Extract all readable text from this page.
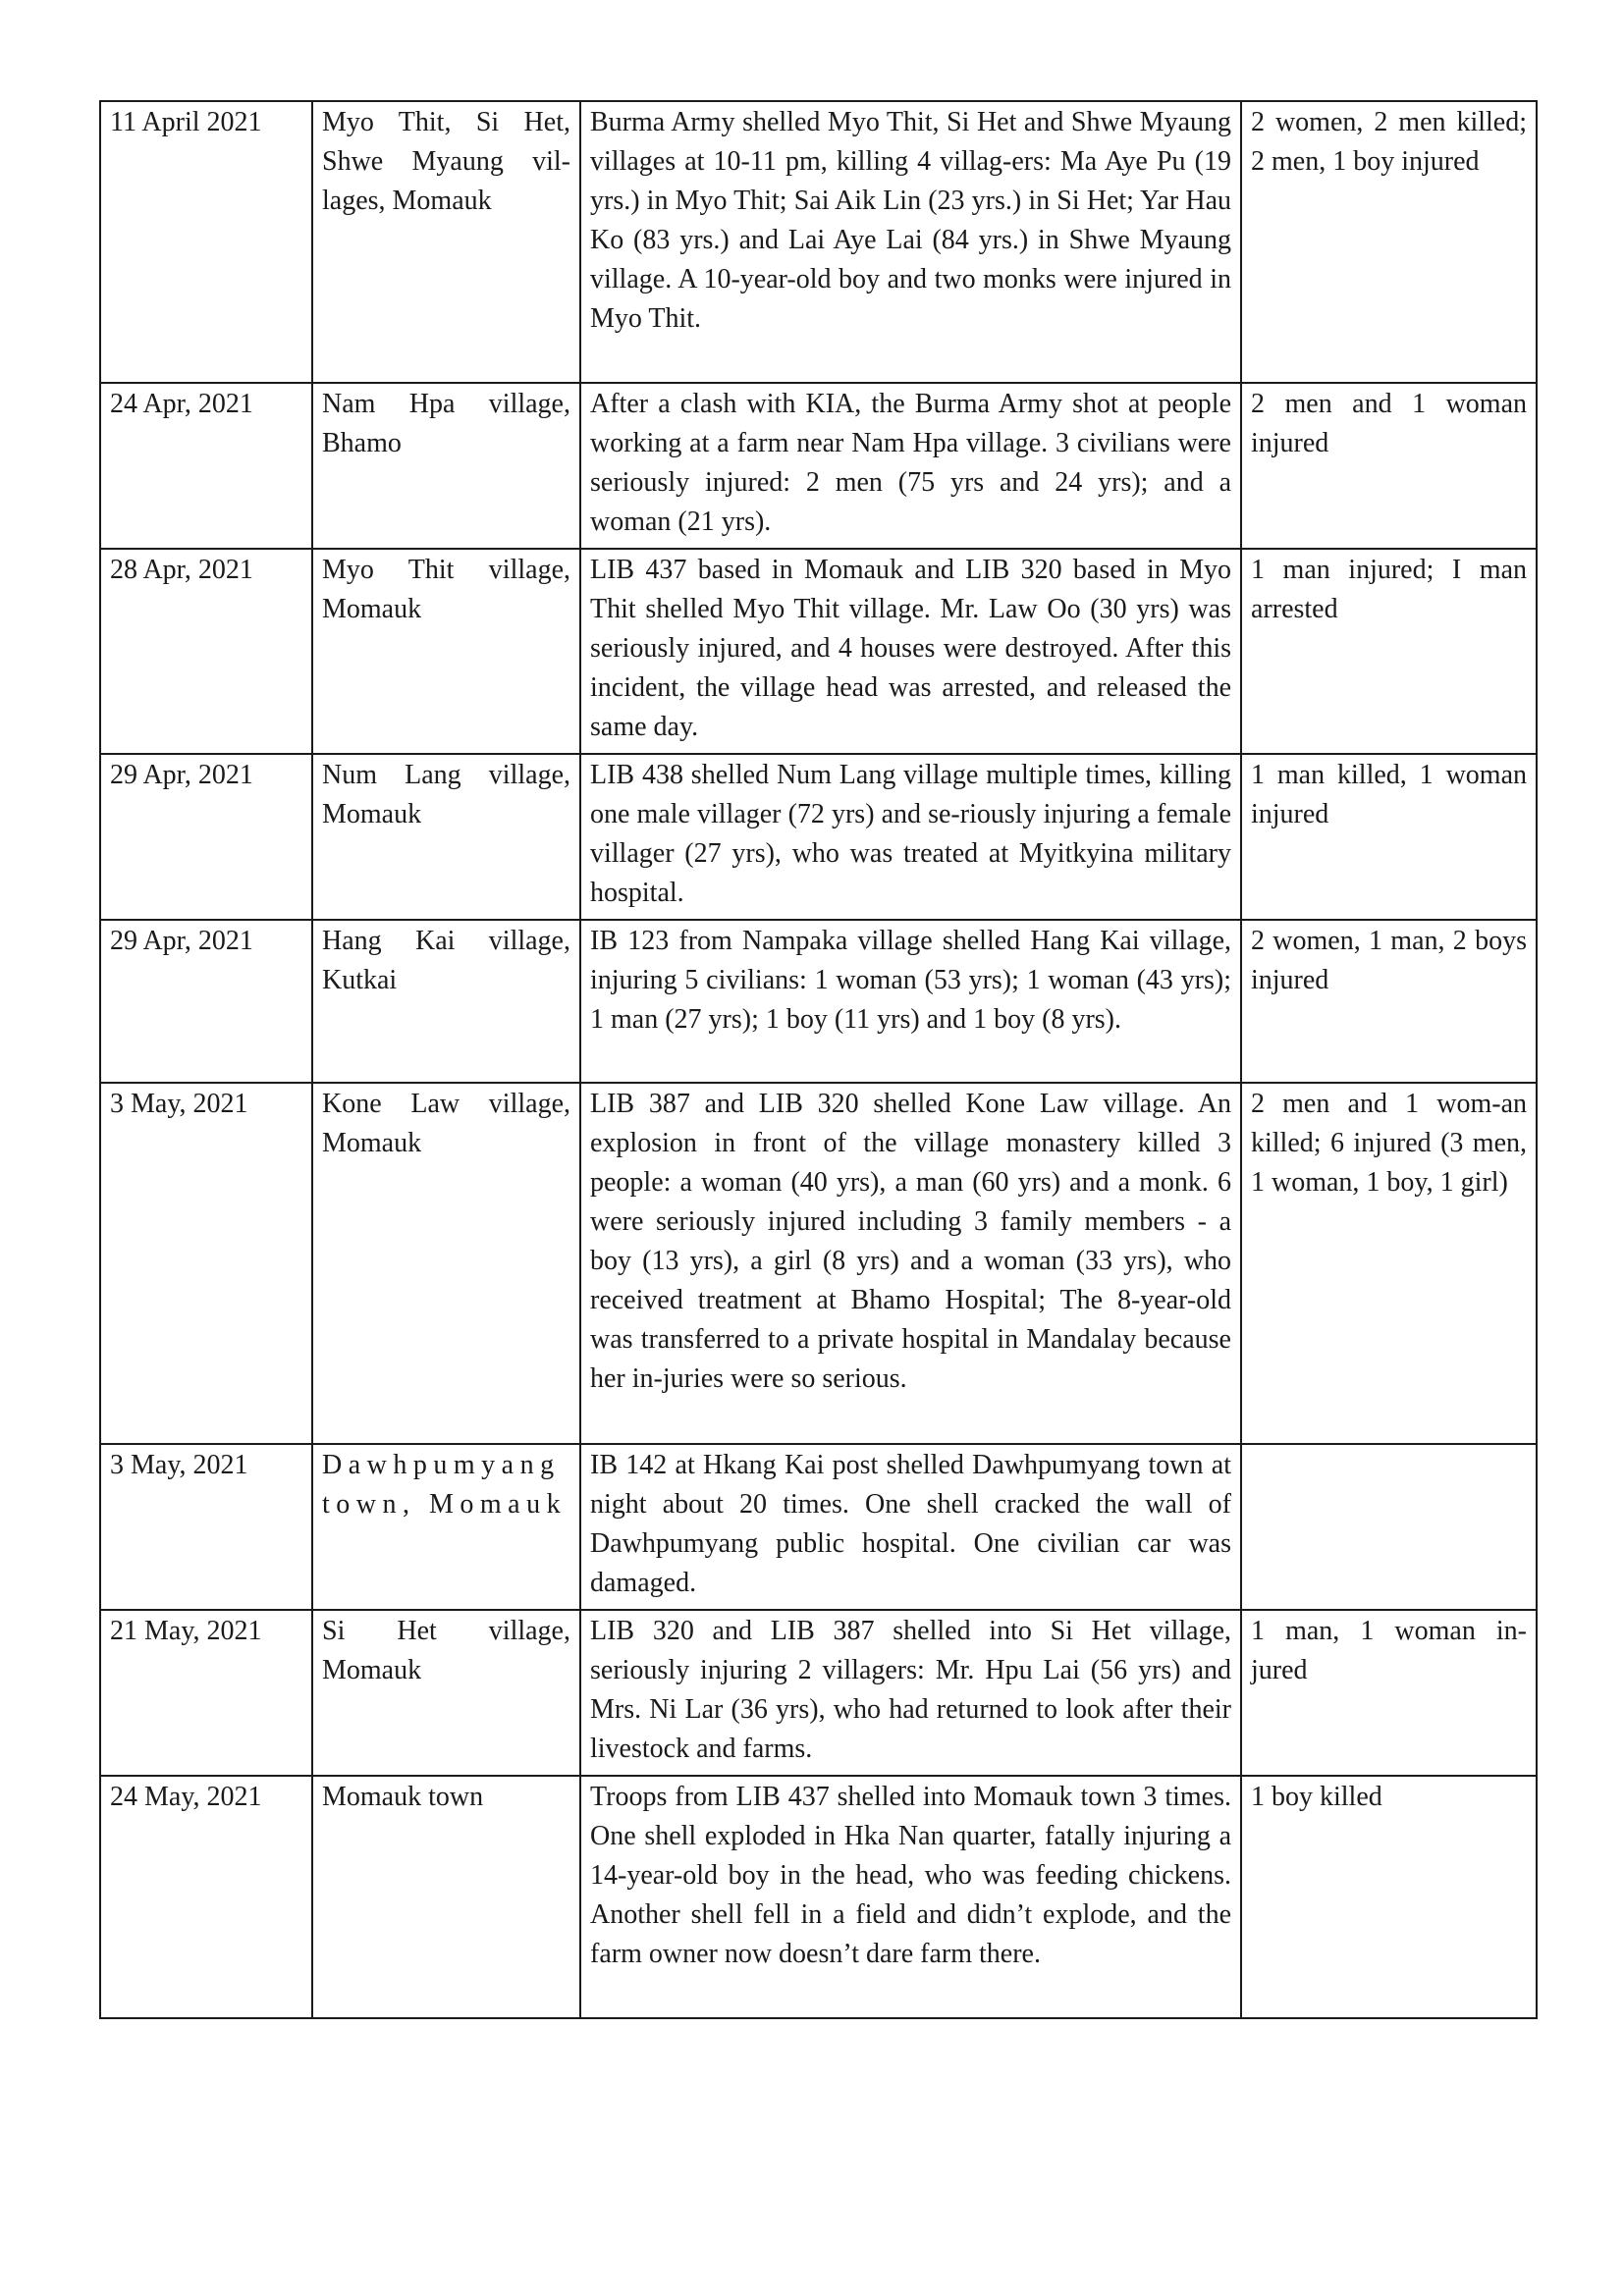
11 April 2021	Myo Thit, Si Het, Shwe Myaung vil-lages, Momauk	Burma Army shelled Myo Thit, Si Het and Shwe Myaung villages at 10-11 pm, killing 4 villag-ers: Ma Aye Pu (19 yrs.) in Myo Thit; Sai Aik Lin (23 yrs.) in Si Het; Yar Hau Ko (83 yrs.) and Lai Aye Lai (84 yrs.) in Shwe Myaung village. A 10-year-old boy and two monks were injured in Myo Thit.	2 women, 2 men killed; 2 men, 1 boy injured
24 Apr, 2021	Nam Hpa village, Bhamo	After a clash with KIA, the Burma Army shot at people working at a farm near Nam Hpa village. 3 civilians were seriously injured: 2 men (75 yrs and 24 yrs); and a woman (21 yrs).	2 men and 1 woman injured
28 Apr, 2021	Myo Thit village, Momauk	LIB 437 based in Momauk and LIB 320 based in Myo Thit shelled Myo Thit village. Mr. Law Oo (30 yrs) was seriously injured, and 4 houses were destroyed. After this incident, the village head was arrested, and released the same day.	1 man injured; I man arrested
29 Apr, 2021	Num Lang village, Momauk	LIB 438 shelled Num Lang village multiple times, killing one male villager (72 yrs) and se-riously injuring a female villager (27 yrs), who was treated at Myitkyina military hospital.	1 man killed, 1 woman injured
29 Apr, 2021	Hang Kai village, Kutkai	IB 123 from Nampaka village shelled Hang Kai village, injuring 5 civilians: 1 woman (53 yrs); 1 woman (43 yrs); 1 man (27 yrs); 1 boy (11 yrs) and 1 boy (8 yrs).	2 women, 1 man, 2 boys injured
3 May, 2021	Kone Law village, Momauk	LIB 387 and LIB 320 shelled Kone Law village. An explosion in front of the village monastery killed 3 people: a woman (40 yrs), a man (60 yrs) and a monk. 6 were seriously injured including 3 family members - a boy (13 yrs), a girl (8 yrs) and a woman (33 yrs), who received treatment at Bhamo Hospital; The 8-year-old was transferred to a private hospital in Mandalay because her in-juries were so serious.	2 men and 1 wom-an killed; 6 injured (3 men, 1 woman, 1 boy, 1 girl)
3 May, 2021	Dawhpumyang town, Momauk	IB 142 at Hkang Kai post shelled Dawhpumyang town at night about 20 times. One shell cracked the wall of Dawhpumyang public hospital. One civilian car was damaged.	
21 May, 2021	Si Het village, Momauk	LIB 320 and LIB 387 shelled into Si Het village, seriously injuring 2 villagers: Mr. Hpu Lai (56 yrs) and Mrs. Ni Lar (36 yrs), who had returned to look after their livestock and farms.	1 man, 1 woman in-jured
24 May, 2021	Momauk town	Troops from LIB 437 shelled into Momauk town 3 times. One shell exploded in Hka Nan quarter, fatally injuring a 14-year-old boy in the head, who was feeding chickens. Another shell fell in a field and didn’t explode, and the farm owner now doesn’t dare farm there.	1 boy killed
